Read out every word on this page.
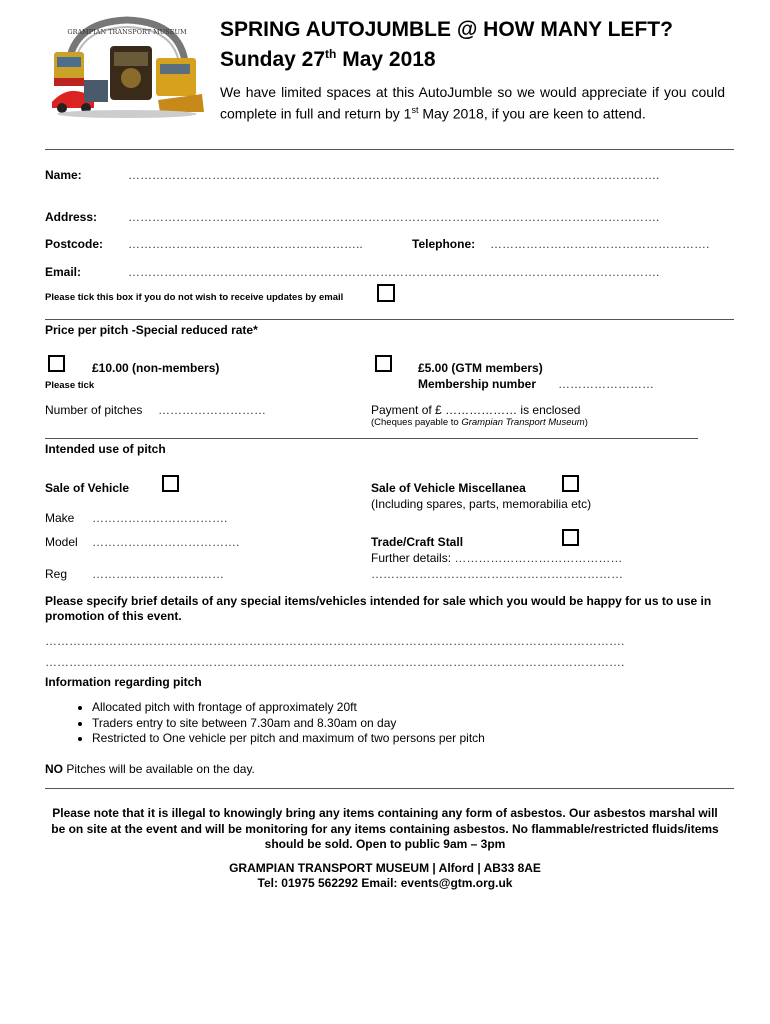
GRAMPIAN TRANSPORT MUSEUM SPRING AUTOJUMBLE @ HOW MANY LEFT?
Sunday 27th May 2018
We have limited spaces at this AutoJumble so we would appreciate if you could complete in full and return by 1st May 2018, if you are keen to attend.
Name:	…………………………………………………………………………………………………………………….
Address:	…………………………………………………………………………………………………………………….
Postcode: …………………………………………………..	Telephone: ……………………………………………….
Email:	…………………………………………………………………………………………………………………….
Please tick this box if you do not wish to receive updates by email
Price per pitch -Special reduced rate*
£10.00 (non-members)
Please tick
£5.00 (GTM members)
Membership number ……………………
Number of pitches ………………………	Payment of £ ……………… is enclosed
(Cheques payable to Grampian Transport Museum)
Intended use of pitch
Sale of Vehicle	Sale of Vehicle Miscellanea
(Including spares, parts, memorabilia etc)
Make …………………………….
Model ……………………………….	Trade/Craft Stall
Further details: ……………………………………
………………………………………………………
Reg ……………………………
Please specify brief details of any special items/vehicles intended for sale which you would be happy for us to use in promotion of this event.
……………………………………………………………………………………………………………………………….
……………………………………………………………………………………………………………………………….
Information regarding pitch
• Allocated pitch with frontage of approximately 20ft
• Traders entry to site between 7.30am and 8.30am on day
• Restricted to One vehicle per pitch and maximum of two persons per pitch
NO Pitches will be available on the day.
Please note that it is illegal to knowingly bring any items containing any form of asbestos. Our asbestos marshal will be on site at the event and will be monitoring for any items containing asbestos. No flammable/restricted fluids/items should be sold. Open to public 9am – 3pm
GRAMPIAN TRANSPORT MUSEUM | Alford | AB33 8AE
Tel: 01975 562292 Email: events@gtm.org.uk
